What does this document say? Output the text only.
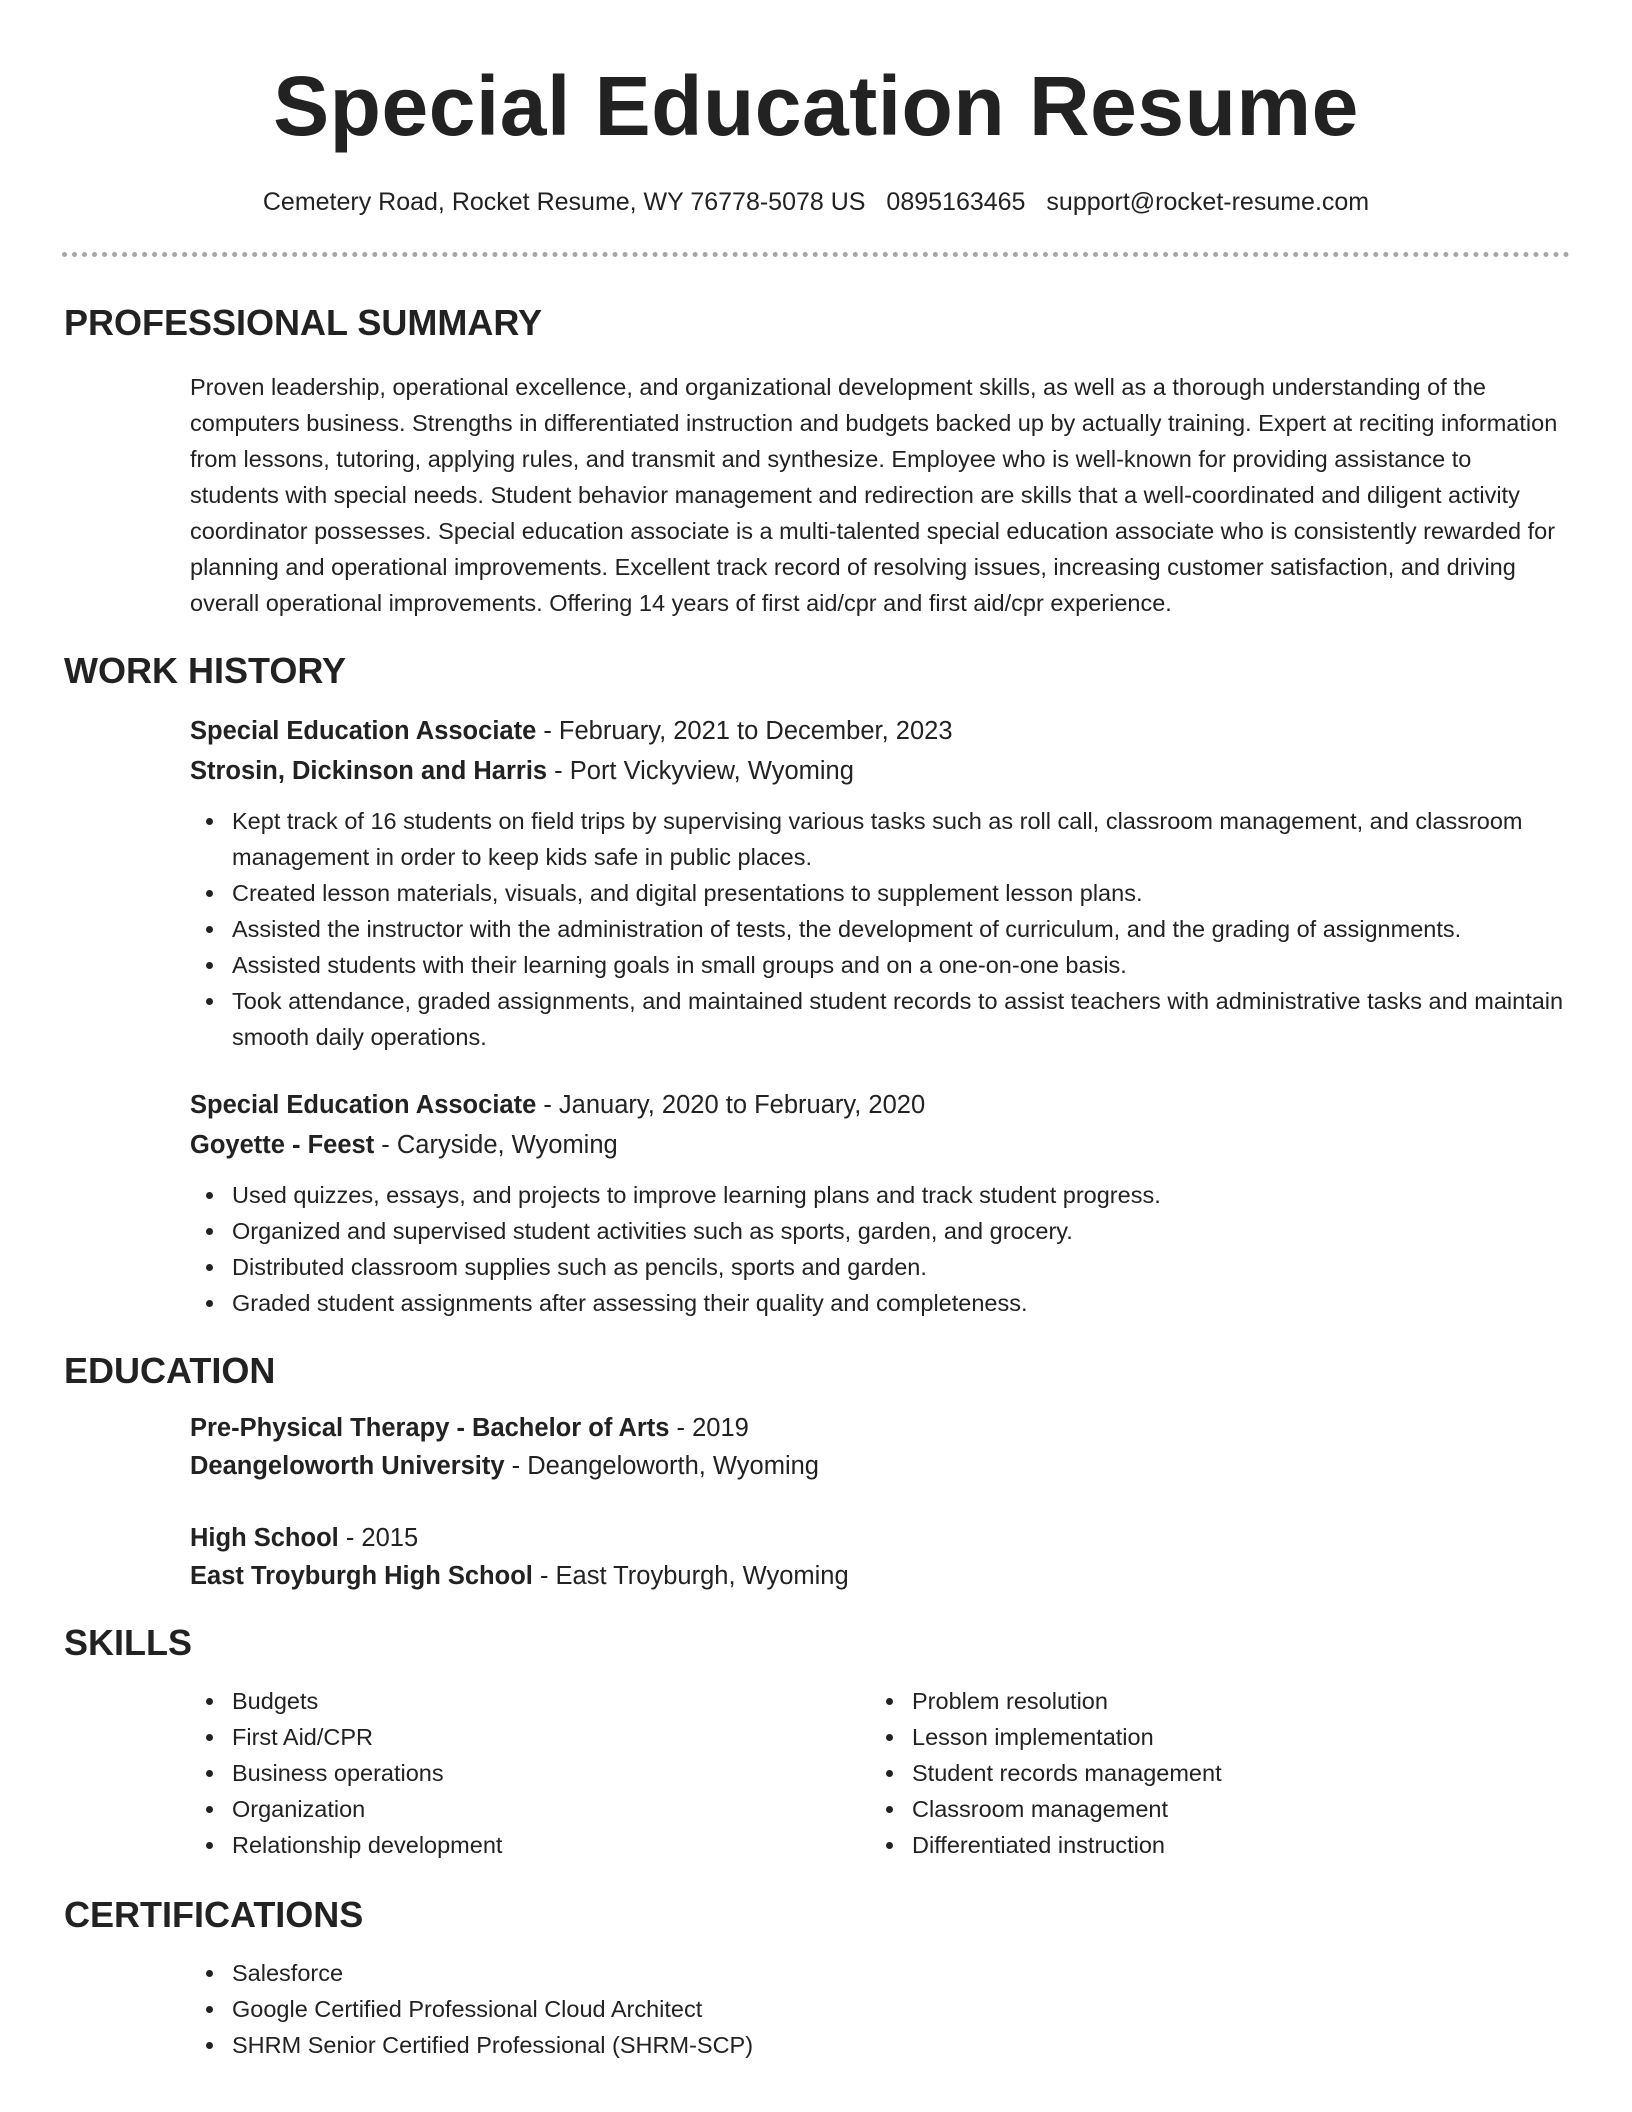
Special Education Resume
Cemetery Road, Rocket Resume, WY 76778-5078 US 0895163465 support@rocket-resume.com
PROFESSIONAL SUMMARY
Proven leadership, operational excellence, and organizational development skills, as well as a thorough understanding of the computers business. Strengths in differentiated instruction and budgets backed up by actually training. Expert at reciting information from lessons, tutoring, applying rules, and transmit and synthesize. Employee who is well-known for providing assistance to students with special needs. Student behavior management and redirection are skills that a well-coordinated and diligent activity coordinator possesses. Special education associate is a multi-talented special education associate who is consistently rewarded for planning and operational improvements. Excellent track record of resolving issues, increasing customer satisfaction, and driving overall operational improvements. Offering 14 years of first aid/cpr and first aid/cpr experience.
WORK HISTORY
Special Education Associate - February, 2021 to December, 2023
Strosin, Dickinson and Harris - Port Vickyview, Wyoming
Kept track of 16 students on field trips by supervising various tasks such as roll call, classroom management, and classroom management in order to keep kids safe in public places.
Created lesson materials, visuals, and digital presentations to supplement lesson plans.
Assisted the instructor with the administration of tests, the development of curriculum, and the grading of assignments.
Assisted students with their learning goals in small groups and on a one-on-one basis.
Took attendance, graded assignments, and maintained student records to assist teachers with administrative tasks and maintain smooth daily operations.
Special Education Associate - January, 2020 to February, 2020
Goyette - Feest - Caryside, Wyoming
Used quizzes, essays, and projects to improve learning plans and track student progress.
Organized and supervised student activities such as sports, garden, and grocery.
Distributed classroom supplies such as pencils, sports and garden.
Graded student assignments after assessing their quality and completeness.
EDUCATION
Pre-Physical Therapy - Bachelor of Arts - 2019
Deangeloworth University - Deangeloworth, Wyoming
High School - 2015
East Troyburgh High School - East Troyburgh, Wyoming
SKILLS
Budgets
First Aid/CPR
Business operations
Organization
Relationship development
Problem resolution
Lesson implementation
Student records management
Classroom management
Differentiated instruction
CERTIFICATIONS
Salesforce
Google Certified Professional Cloud Architect
SHRM Senior Certified Professional (SHRM-SCP)
